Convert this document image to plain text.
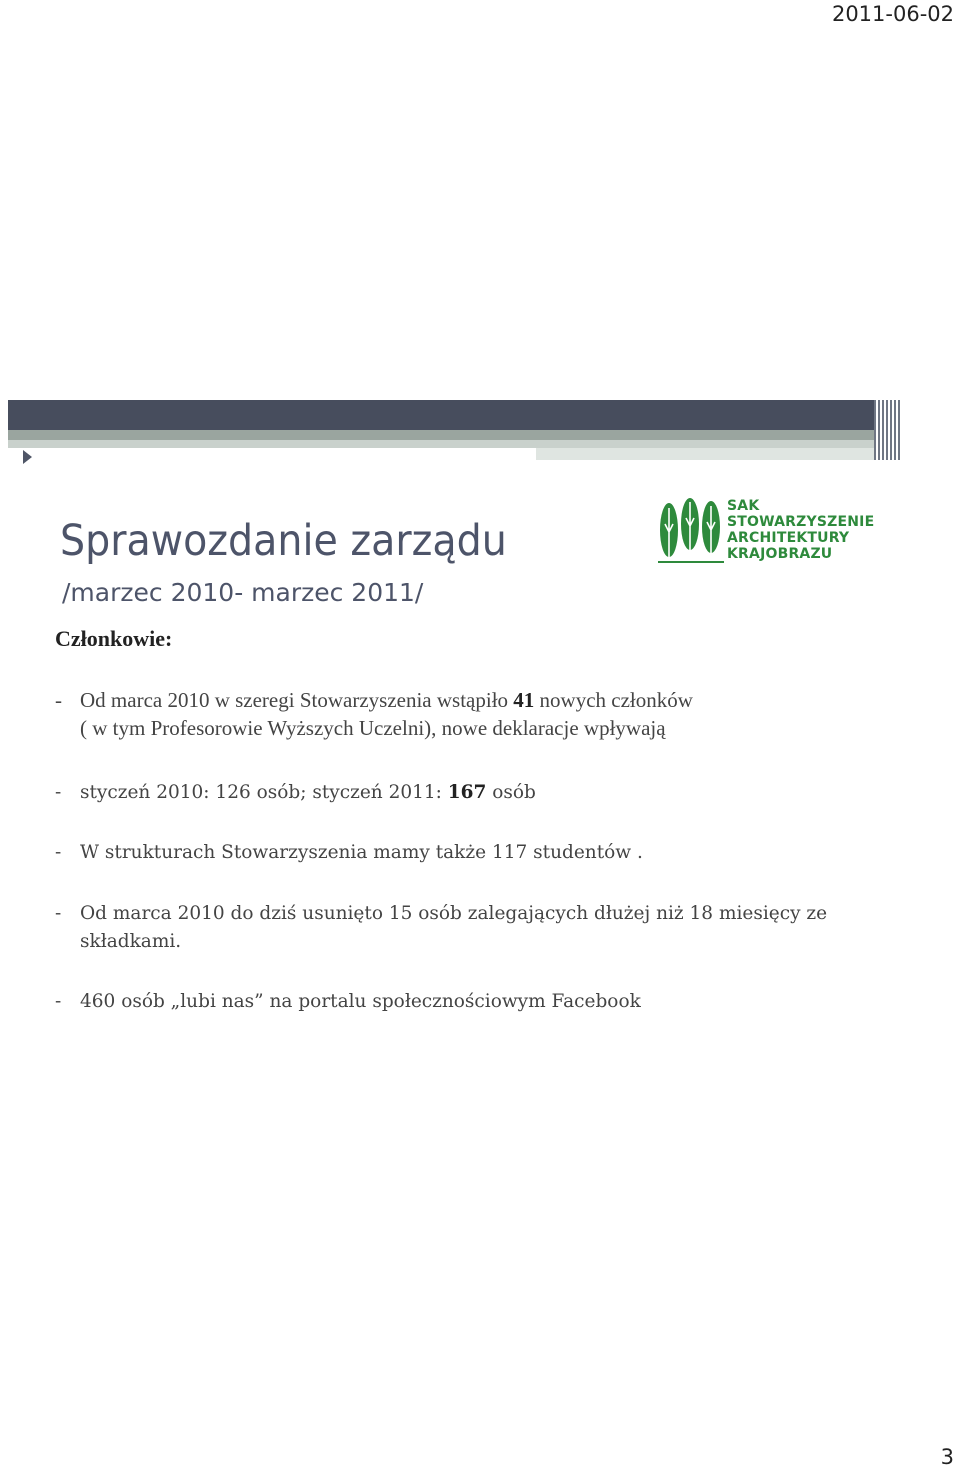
2011-06-02
SAK
STOWARZYSZENIE
ARCHITEKTURY
KRAJOBRAZU
Sprawozdanie zarządu
/marzec 2010- marzec 2011/
Członkowie:
- Od marca 2010 w szeregi Stowarzyszenia wstąpiło 41 nowych członków
( w tym Profesorowie Wyższych Uczelni), nowe deklaracje wpływają
- styczeń 2010: 126 osób; styczeń 2011: 167 osób
- W strukturach Stowarzyszenia mamy także 117 studentów .
- Od marca 2010 do dziś usunięto 15 osób zalegających dłużej niż 18 miesięcy ze
składkami.
- 460 osób „lubi nas” na portalu społecznościowym Facebook
3
